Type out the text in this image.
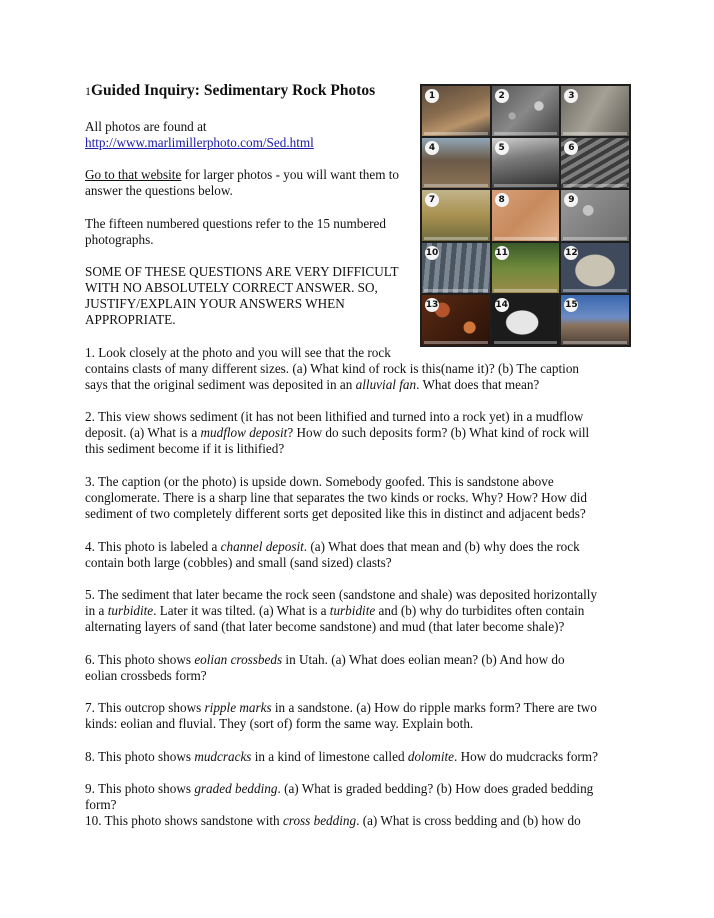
1Guided Inquiry: Sedimentary Rock Photos

All photos are found at

http://www.marlimillerphoto.com/Sed.html

Go to that website for larger photos - you will want them to

answer the questions below.

The fifteen numbered questions refer to the 15 numbered

photographs.

SOME OF THESE QUESTIONS ARE VERY DIFFICULT

WITH NO ABSOLUTELY CORRECT ANSWER. SO,

JUSTIFY/EXPLAIN YOUR ANSWERS WHEN

APPROPRIATE.

1	2	3
4	5	6
7	8	9
10	11	12
13	14	15

1. Look closely at the photo and you will see that the rock

contains clasts of many different sizes. (a) What kind of rock is this(name it)? (b) The caption

says that the original sediment was deposited in an alluvial fan. What does that mean?

2. This view shows sediment (it has not been lithified and turned into a rock yet) in a mudflow

deposit. (a) What is a mudflow deposit? How do such deposits form? (b) What kind of rock will

this sediment become if it is lithified?

3. The caption (or the photo) is upside down. Somebody goofed. This is sandstone above

conglomerate. There is a sharp line that separates the two kinds or rocks. Why? How? How did

sediment of two completely different sorts get deposited like this in distinct and adjacent beds?

4. This photo is labeled a channel deposit. (a) What does that mean and (b) why does the rock

contain both large (cobbles) and small (sand sized) clasts?

5. The sediment that later became the rock seen (sandstone and shale) was deposited horizontally

in a turbidite. Later it was tilted. (a) What is a turbidite and (b) why do turbidites often contain

alternating layers of sand (that later become sandstone) and mud (that later become shale)?

6. This photo shows eolian crossbeds in Utah. (a) What does eolian mean? (b) And how do

eolian crossbeds form?

7. This outcrop shows ripple marks in a sandstone. (a) How do ripple marks form? There are two

kinds: eolian and fluvial. They (sort of) form the same way. Explain both.

8. This photo shows mudcracks in a kind of limestone called dolomite. How do mudcracks form?

9. This photo shows graded bedding. (a) What is graded bedding? (b) How does graded bedding

form?

10. This photo shows sandstone with cross bedding. (a) What is cross bedding and (b) how do
